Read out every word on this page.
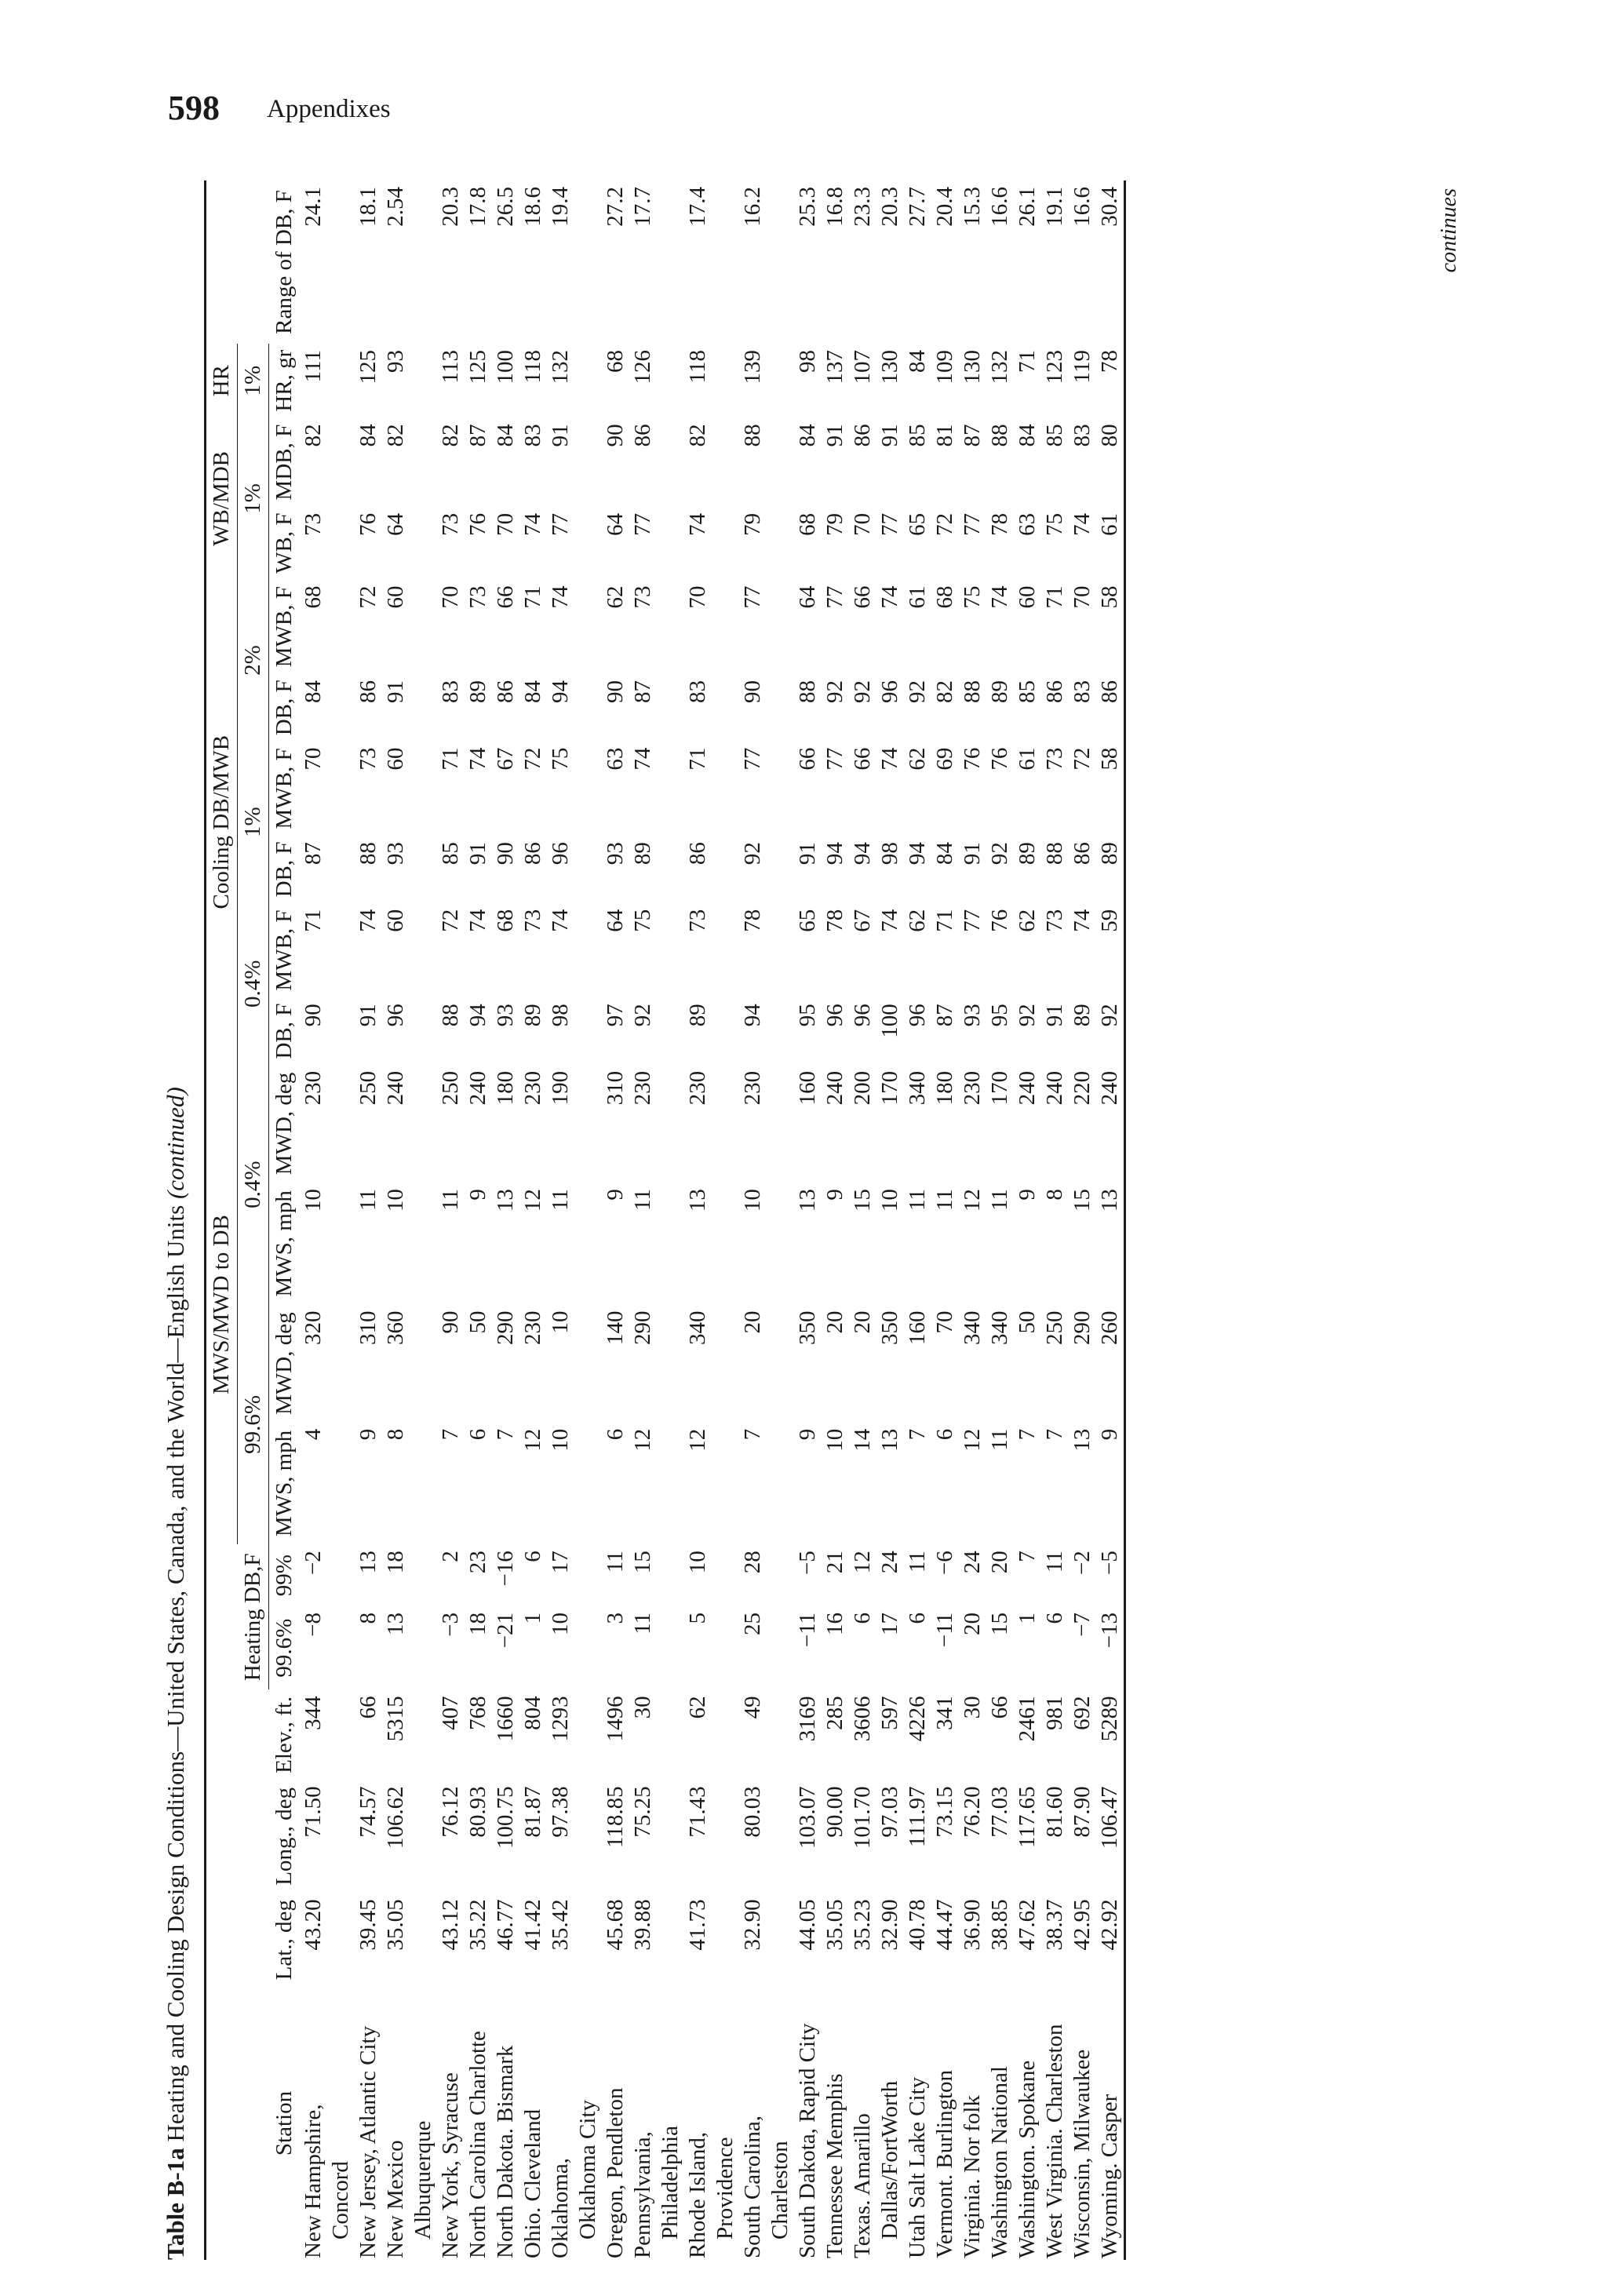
598 Appendixes
Table B-1a Heating and Cooling Design Conditions—United States, Canada, and the World—English Units (continued)
Station	Lat., deg	Long., deg	Elev., ft.	Heating DB,F		MWS/MWD to DB				Cooling DB/MWB						WB/MDB		HR	Range of DB, F
						99.6%		0.4%		0.4%		1%		2%		1%		1%	
				99.6%	99%	MWS, mph	MWD, deg	MWS, mph	MWD, deg	DB, F	MWB, F	DB, F	MWB, F	DB, F	MWB, F	WB, F	MDB, F	HR, gr	

New Hampshire, Concord	43.20	71.50	344	−8	−2	4	320	10	230	90	71	87	70	84	68	73	82	111	24.1
New Jersey, Atlantic City	39.45	74.57	66	8	13	9	310	11	250	91	74	88	73	86	72	76	84	125	18.1
New Mexico Albuquerque	35.05	106.62	5315	13	18	8	360	10	240	96	60	93	60	91	60	64	82	93	2.54
New York, Syracuse	43.12	76.12	407	−3	2	7	90	11	250	88	72	85	71	83	70	73	82	113	20.3
North Carolina Charlotte	35.22	80.93	768	18	23	6	50	9	240	94	74	91	74	89	73	76	87	125	17.8
North Dakota. Bismark	46.77	100.75	1660	−21	−16	7	290	13	180	93	68	90	67	86	66	70	84	100	26.5
Ohio. Cleveland	41.42	81.87	804	1	6	12	230	12	230	89	73	86	72	84	71	74	83	118	18.6
Oklahoma, Oklahoma City	35.42	97.38	1293	10	17	10	10	11	190	98	74	96	75	94	74	77	91	132	19.4
Oregon, Pendleton	45.68	118.85	1496	3	11	6	140	9	310	97	64	93	63	90	62	64	90	68	27.2
Pennsylvania, Philadelphia	39.88	75.25	30	11	15	12	290	11	230	92	75	89	74	87	73	77	86	126	17.7
Rhode Island, Providence	41.73	71.43	62	5	10	12	340	13	230	89	73	86	71	83	70	74	82	118	17.4
South Carolina, Charleston	32.90	80.03	49	25	28	7	20	10	230	94	78	92	77	90	77	79	88	139	16.2
South Dakota, Rapid City	44.05	103.07	3169	−11	−5	9	350	13	160	95	65	91	66	88	64	68	84	98	25.3
Tennessee Memphis	35.05	90.00	285	16	21	10	20	9	240	96	78	94	77	92	77	79	91	137	16.8
Texas. Amarillo	35.23	101.70	3606	6	12	14	20	15	200	96	67	94	66	92	66	70	86	107	23.3
Dallas/FortWorth	32.90	97.03	597	17	24	13	350	10	170	100	74	98	74	96	74	77	91	130	20.3
Utah Salt Lake City	40.78	111.97	4226	6	11	7	160	11	340	96	62	94	62	92	61	65	85	84	27.7
Vermont. Burlington	44.47	73.15	341	−11	−6	6	70	11	180	87	71	84	69	82	68	72	81	109	20.4
Virginia. Nor folk	36.90	76.20	30	20	24	12	340	12	230	93	77	91	76	88	75	77	87	130	15.3
Washington National	38.85	77.03	66	15	20	11	340	11	170	95	76	92	76	89	74	78	88	132	16.6
Washington. Spokane	47.62	117.65	2461	1	7	7	50	9	240	92	62	89	61	85	60	63	84	71	26.1
West Virginia. Charleston	38.37	81.60	981	6	11	7	250	8	240	91	73	88	73	86	71	75	85	123	19.1
Wisconsin, Milwaukee	42.95	87.90	692	−7	−2	13	290	15	220	89	74	86	72	83	70	74	83	119	16.6
Wyoming. Casper	42.92	106.47	5289	−13	−5	9	260	13	240	92	59	89	58	86	58	61	80	78	30.4	continues
